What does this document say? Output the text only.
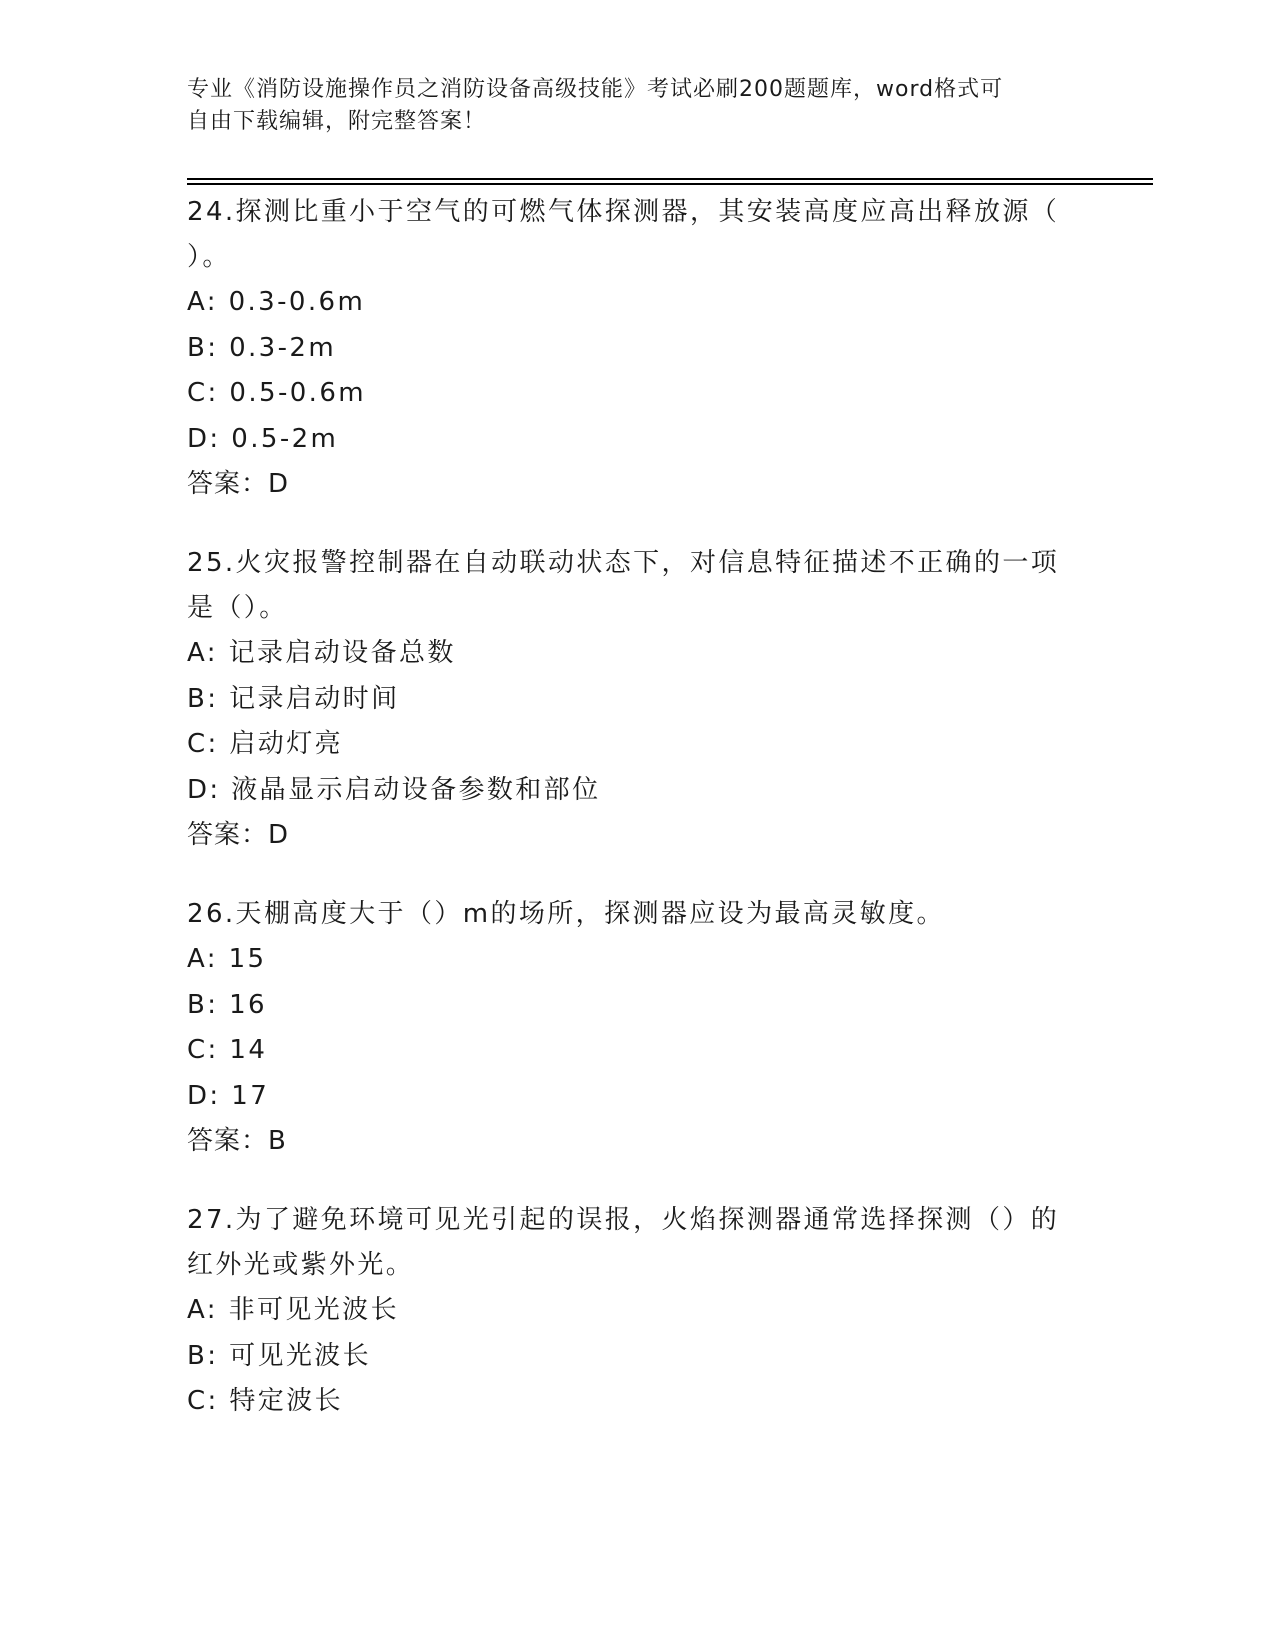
专业《消防设施操作员之消防设备高级技能》考试必刷200题题库，word格式可
自由下载编辑，附完整答案！

24.探测比重小于空气的可燃气体探测器，其安装高度应高出释放源（

）。

A: 0.3-0.6m

B: 0.3-2m

C: 0.5-0.6m

D: 0.5-2m

答案：D

25.火灾报警控制器在自动联动状态下，对信息特征描述不正确的一项

是（）。

A: 记录启动设备总数

B: 记录启动时间

C: 启动灯亮

D: 液晶显示启动设备参数和部位

答案：D

26.天棚高度大于（）m的场所，探测器应设为最高灵敏度。

A: 15

B: 16

C: 14

D: 17

答案：B

27.为了避免环境可见光引起的误报，火焰探测器通常选择探测（）的

红外光或紫外光。

A: 非可见光波长

B: 可见光波长

C: 特定波长
